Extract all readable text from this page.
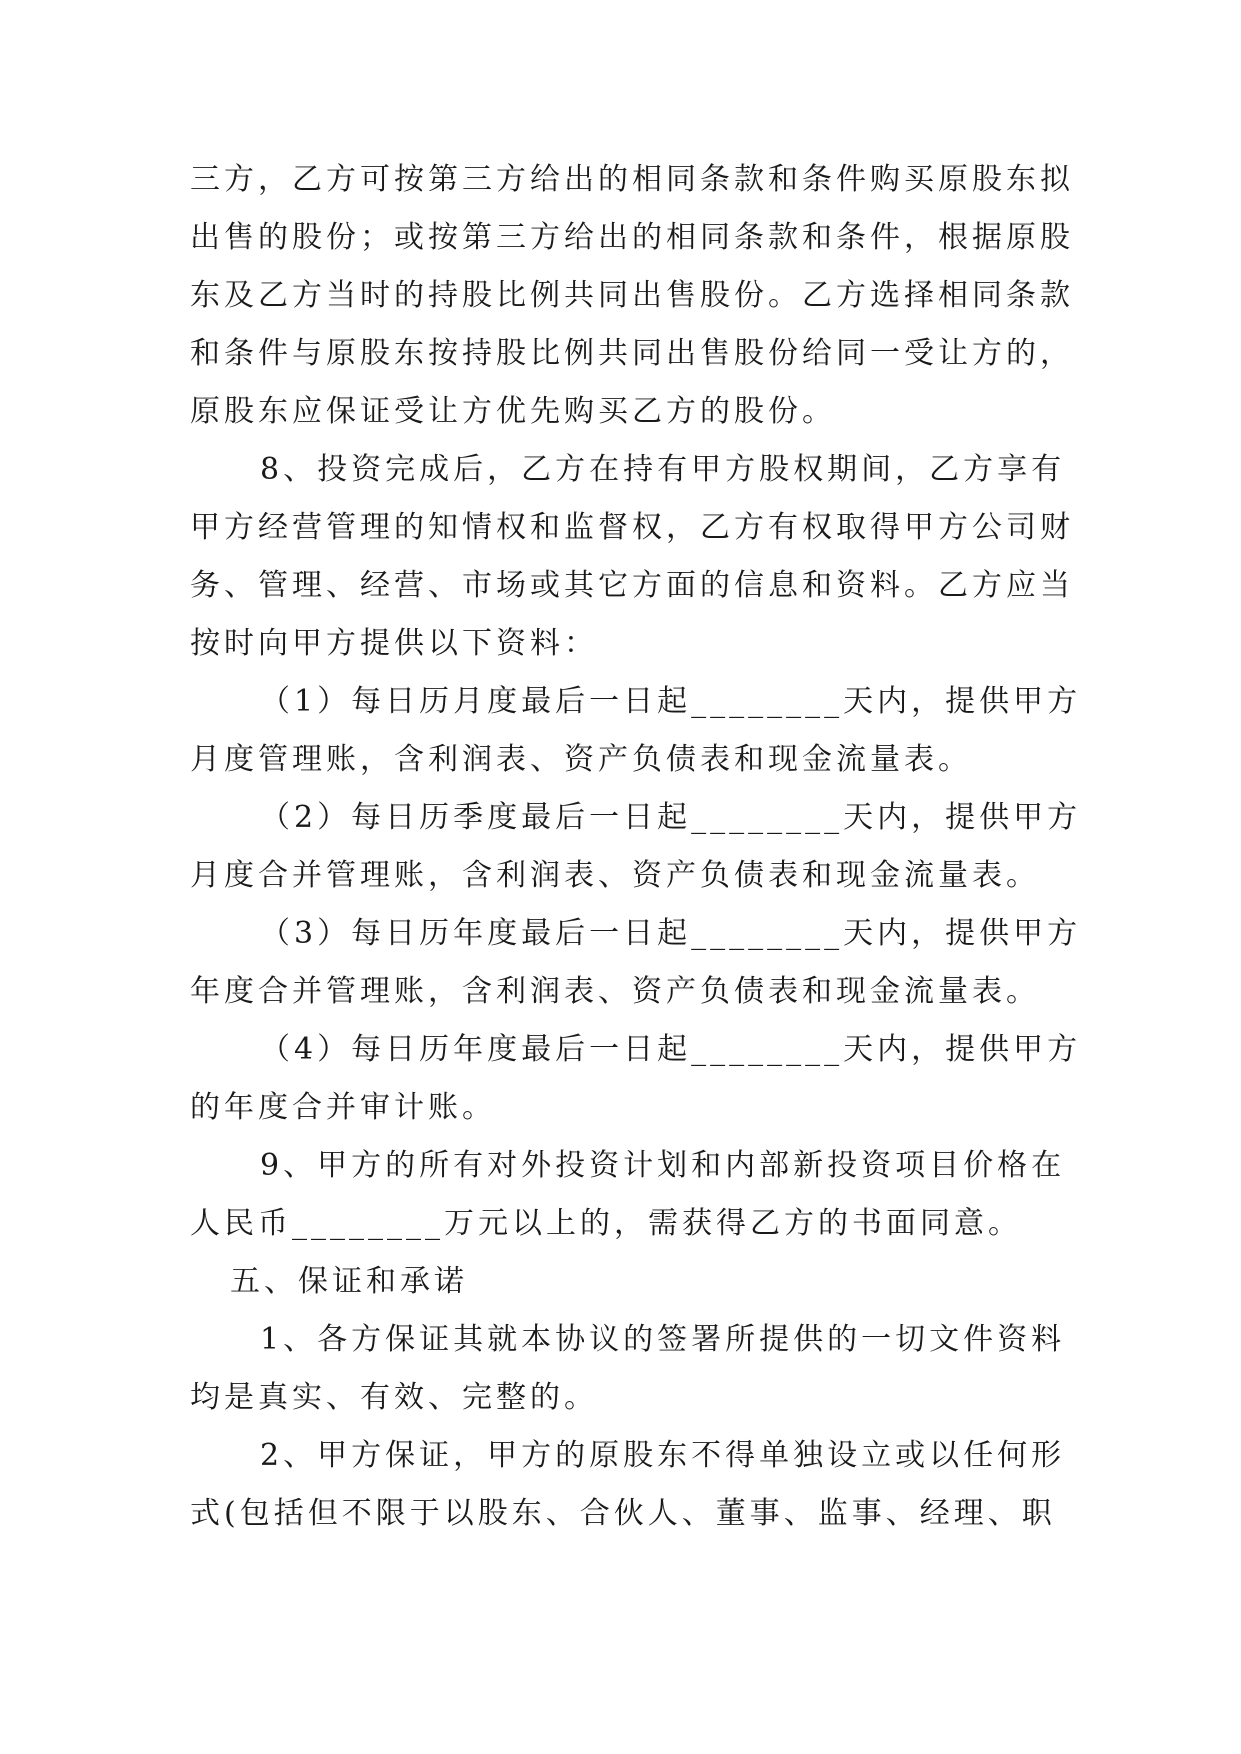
三方，乙方可按第三方给出的相同条款和条件购买原股东拟
出售的股份；或按第三方给出的相同条款和条件，根据原股
东及乙方当时的持股比例共同出售股份。乙方选择相同条款
和条件与原股东按持股比例共同出售股份给同一受让方的，
原股东应保证受让方优先购买乙方的股份。
8、投资完成后，乙方在持有甲方股权期间，乙方享有
甲方经营管理的知情权和监督权，乙方有权取得甲方公司财
务、管理、经营、市场或其它方面的信息和资料。乙方应当
按时向甲方提供以下资料：
（1）每日历月度最后一日起________天内，提供甲方
月度管理账，含利润表、资产负债表和现金流量表。
（2）每日历季度最后一日起________天内，提供甲方
月度合并管理账，含利润表、资产负债表和现金流量表。
（3）每日历年度最后一日起________天内，提供甲方
年度合并管理账，含利润表、资产负债表和现金流量表。
（4）每日历年度最后一日起________天内，提供甲方
的年度合并审计账。
9、甲方的所有对外投资计划和内部新投资项目价格在
人民币________万元以上的，需获得乙方的书面同意。
五、保证和承诺
1、各方保证其就本协议的签署所提供的一切文件资料
均是真实、有效、完整的。
2、甲方保证，甲方的原股东不得单独设立或以任何形
式(包括但不限于以股东、合伙人、董事、监事、经理、职
